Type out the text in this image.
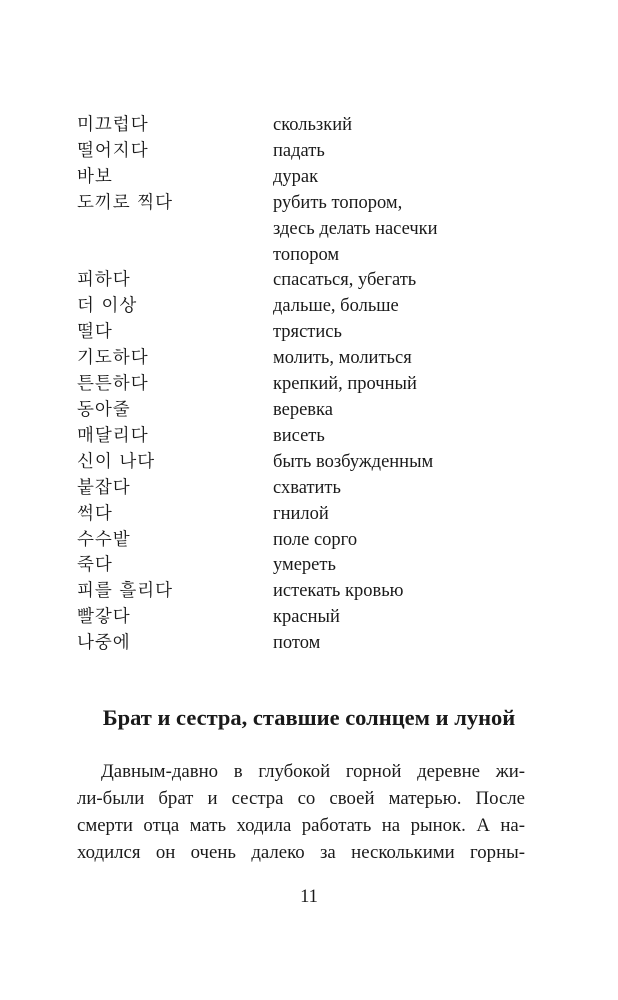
미끄럽다	скользкий
떨어지다	падать
바보	дурак
도끼로 찍다	рубить топором,
здесь делать насечки
топором
피하다	спасаться, убегать
더 이상	дальше, больше
떨다	трястись
기도하다	молить, молиться
튼튼하다	крепкий, прочный
동아줄	веревка
매달리다	висеть
신이 나다	быть возбужденным
붙잡다	схватить
썩다	гнилой
수수밭	поле сорго
죽다	умереть
피를 흘리다	истекать кровью
빨갛다	красный
나중에	потом
Брат и сестра, ставшие солнцем и луной

Давным-давно в глубокой горной деревне жи-
ли-были брат и сестра со своей матерью. После
смерти отца мать ходила работать на рынок. А на-
ходился он очень далеко за несколькими горны-

11
